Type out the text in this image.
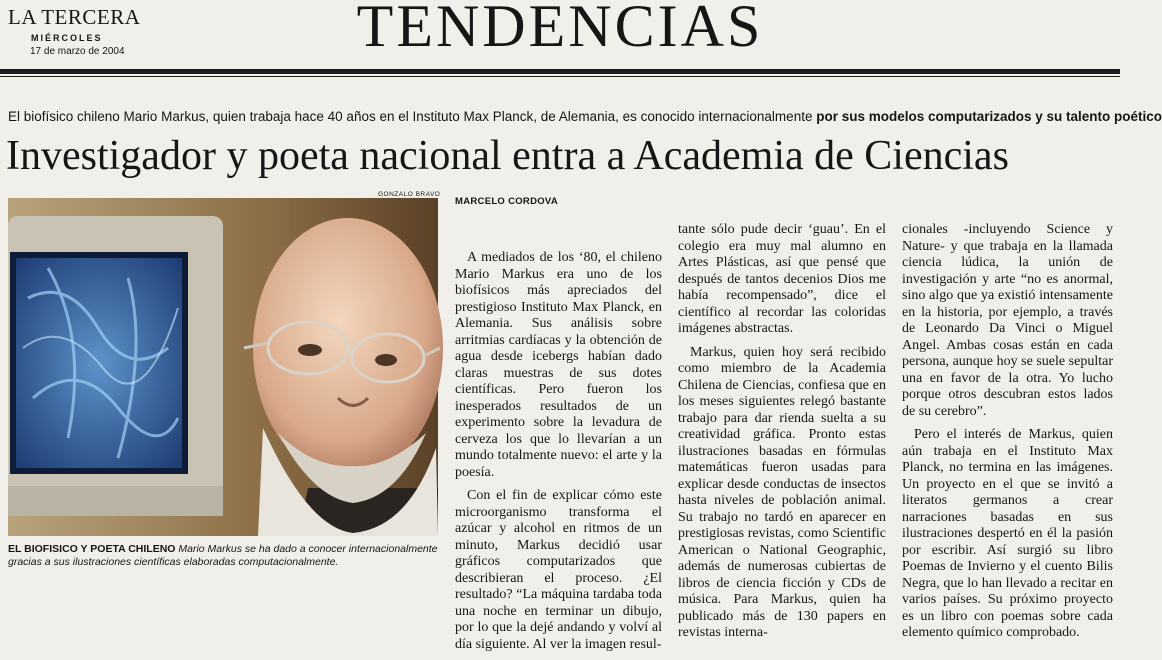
LA TERCERA
MIÉRCOLES
17 de marzo de 2004	TENDENCIAS
El biofísico chileno Mario Markus, quien trabaja hace 40 años en el Instituto Max Planck, de Alemania, es conocido internacionalmente por sus modelos computarizados y su talento poético
Investigador y poeta nacional entra a Academia de Ciencias
GONZALO BRAVO
EL BIOFISICO Y POETA CHILENO Mario Markus se ha dado a conocer internacionalmente gracias a sus ilustraciones científicas elaboradas computacionalmente.
MARCELO CORDOVA

A mediados de los ‘80, el chileno Mario Markus era uno de los biofísicos más apreciados del prestigioso Instituto Max Planck, en Alemania. Sus análisis sobre arritmias cardíacas y la obtención de agua desde icebergs habían dado claras muestras de sus dotes científicas. Pero fueron los inesperados resultados de un experimento sobre la levadura de cerveza los que lo llevarían a un mundo totalmente nuevo: el arte y la poesía.

Con el fin de explicar cómo este microorganismo transforma el azúcar y alcohol en ritmos de un minuto, Markus decidió usar gráficos computarizados que describieran el proceso. ¿El resultado? “La máquina tardaba toda una noche en terminar un dibujo, por lo que la dejé andando y volví al día siguiente. Al ver la imagen resul-

tante sólo pude decir ‘guau’. En el colegio era muy mal alumno en Artes Plásticas, así que pensé que después de tantos decenios Dios me había recompensado”, dice el científico al recordar las coloridas imágenes abstractas.

Markus, quien hoy será recibido como miembro de la Academia Chilena de Ciencias, confiesa que en los meses siguientes relegó bastante trabajo para dar rienda suelta a su creatividad gráfica. Pronto estas ilustraciones basadas en fórmulas matemáticas fueron usadas para explicar desde conductas de insectos hasta niveles de población animal. Su trabajo no tardó en aparecer en prestigiosas revistas, como Scientific American o National Geographic, además de numerosas cubiertas de libros de ciencia ficción y CDs de música. Para Markus, quien ha publicado más de 130 papers en revistas interna-

cionales -incluyendo Science y Nature- y que trabaja en la llamada ciencia lúdica, la unión de investigación y arte “no es anormal, sino algo que ya existió intensamente en la historia, por ejemplo, a través de Leonardo Da Vinci o Miguel Angel. Ambas cosas están en cada persona, aunque hoy se suele sepultar una en favor de la otra. Yo lucho porque otros descubran estos lados de su cerebro”.

Pero el interés de Markus, quien aún trabaja en el Instituto Max Planck, no termina en las imágenes. Un proyecto en el que se invitó a literatos germanos a crear narraciones basadas en sus ilustraciones despertó en él la pasión por escribir. Así surgió su libro Poemas de Invierno y el cuento Bilis Negra, que lo han llevado a recitar en varios países. Su próximo proyecto es un libro con poemas sobre cada elemento químico comprobado.
